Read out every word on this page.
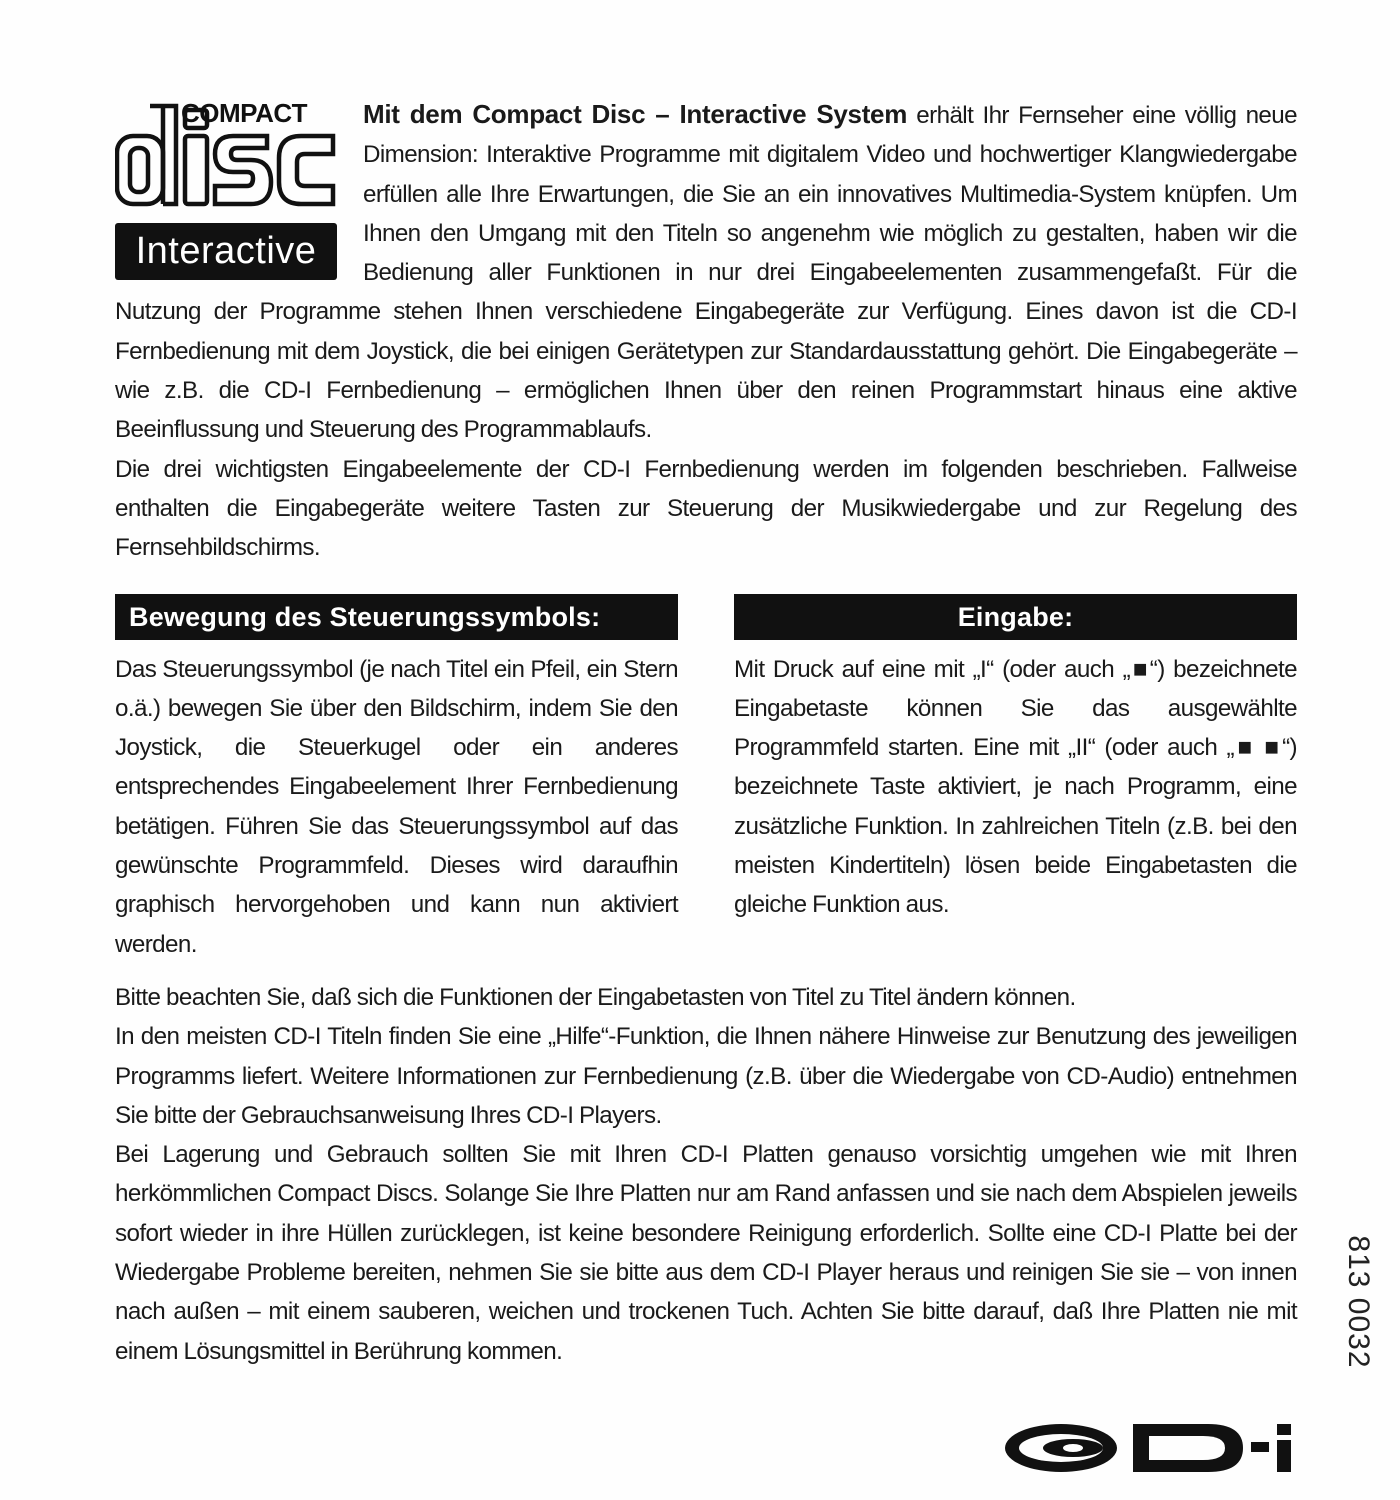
COMPACT
Interactive

Mit dem Compact Disc – Interactive System erhält Ihr Fernseher eine völlig neue Dimension: Interaktive Programme mit digitalem Video und hochwertiger Klangwiedergabe erfüllen alle Ihre Erwartungen, die Sie an ein innovatives Multimedia-System knüpfen. Um Ihnen den Umgang mit den Titeln so angenehm wie möglich zu gestalten, haben wir die Bedienung aller Funktionen in nur drei Eingabeelementen zusammengefaßt. Für die Nutzung der Programme stehen Ihnen verschiedene Eingabegeräte zur Verfügung. Eines davon ist die CD-I Fernbedienung mit dem Joystick, die bei einigen Gerätetypen zur Standardausstattung gehört. Die Eingabegeräte – wie z.B. die CD-I Fernbedienung – ermöglichen Ihnen über den reinen Programmstart hinaus eine aktive Beeinflussung und Steuerung des Programmablaufs.

Die drei wichtigsten Eingabeelemente der CD-I Fernbedienung werden im folgenden beschrieben. Fallweise enthalten die Eingabegeräte weitere Tasten zur Steuerung der Musikwiedergabe und zur Regelung des Fernsehbildschirms.

Bewegung des Steuerungssymbols:

Das Steuerungssymbol (je nach Titel ein Pfeil, ein Stern o.ä.) bewegen Sie über den Bildschirm, indem Sie den Joystick, die Steuerkugel oder ein anderes entsprechendes Eingabeelement Ihrer Fernbedienung betätigen. Führen Sie das Steuerungssymbol auf das gewünschte Programmfeld. Dieses wird daraufhin graphisch hervorgehoben und kann nun aktiviert werden.

Eingabe:

Mit Druck auf eine mit „I“ (oder auch „■“) bezeichnete Eingabetaste können Sie das ausgewählte Programmfeld starten. Eine mit „II“ (oder auch „■ ■“) bezeichnete Taste aktiviert, je nach Programm, eine zusätzliche Funktion. In zahlreichen Titeln (z.B. bei den meisten Kindertiteln) lösen beide Eingabetasten die gleiche Funktion aus.

Bitte beachten Sie, daß sich die Funktionen der Eingabetasten von Titel zu Titel ändern können.

In den meisten CD-I Titeln finden Sie eine „Hilfe“-Funktion, die Ihnen nähere Hinweise zur Benutzung des jeweiligen Programms liefert. Weitere Informationen zur Fernbedienung (z.B. über die Wiedergabe von CD-Audio) entnehmen Sie bitte der Gebrauchsanweisung Ihres CD-I Players.

Bei Lagerung und Gebrauch sollten Sie mit Ihren CD-I Platten genauso vorsichtig umgehen wie mit Ihren herkömmlichen Compact Discs. Solange Sie Ihre Platten nur am Rand anfassen und sie nach dem Abspielen jeweils sofort wieder in ihre Hüllen zurücklegen, ist keine besondere Reinigung erforderlich. Sollte eine CD-I Platte bei der Wiedergabe Probleme bereiten, nehmen Sie sie bitte aus dem CD-I Player heraus und reinigen Sie sie – von innen nach außen – mit einem sauberen, weichen und trockenen Tuch. Achten Sie bitte darauf, daß Ihre Platten nie mit einem Lösungsmittel in Berührung kommen.	813 0032
